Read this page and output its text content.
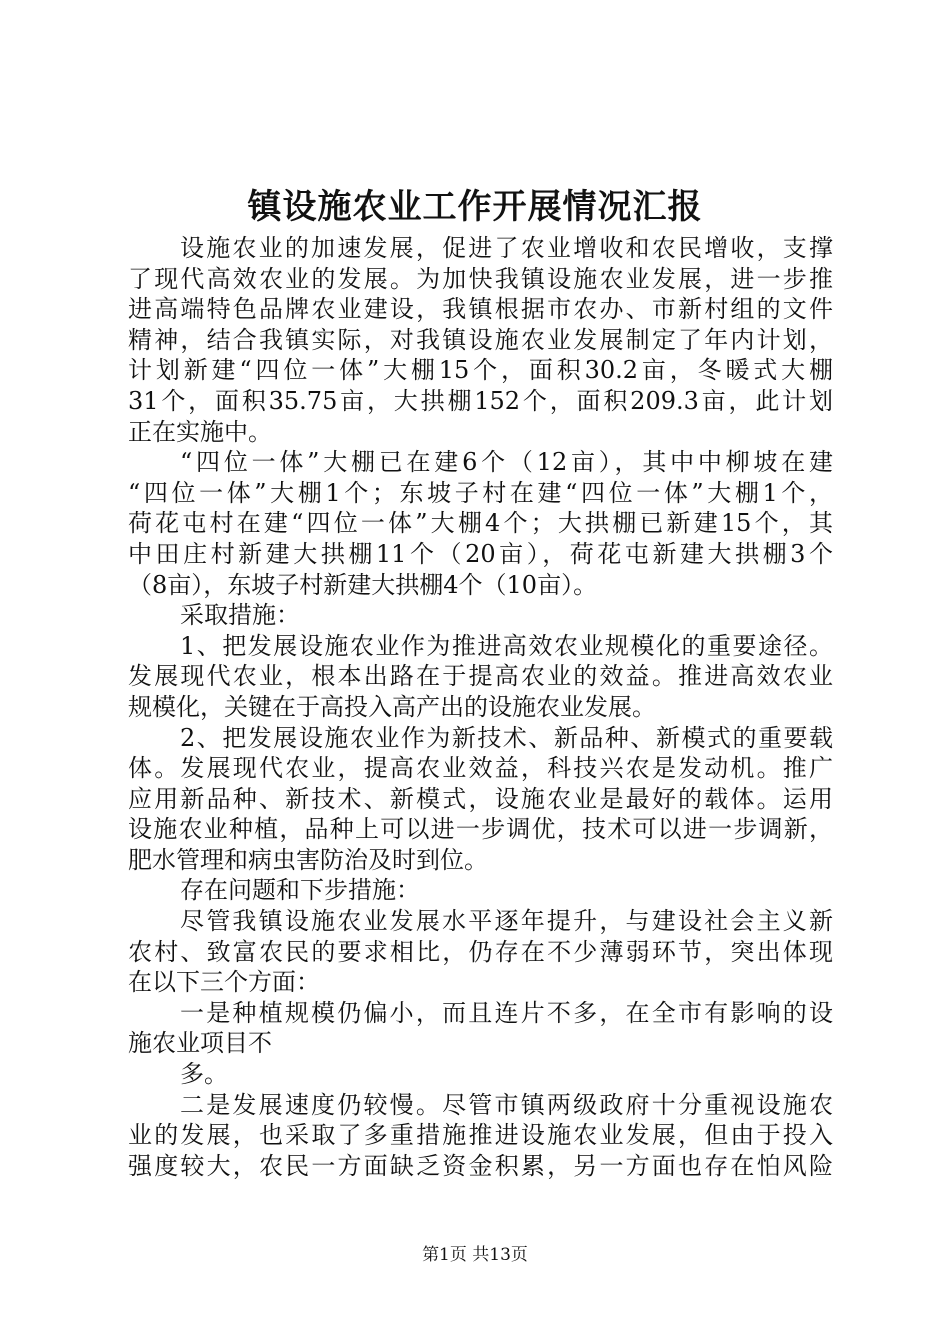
镇设施农业工作开展情况汇报
设施农业的加速发展，促进了农业增收和农民增收，支撑
了现代高效农业的发展。为加快我镇设施农业发展，进一步推
进高端特色品牌农业建设，我镇根据市农办、市新村组的文件
精神，结合我镇实际，对我镇设施农业发展制定了年内计划，
计划新建“四位一体”大棚15个，面积30.2亩，冬暖式大棚
31个，面积35.75亩，大拱棚152个，面积209.3亩，此计划
正在实施中。
“四位一体”大棚已在建6个（12亩），其中中柳坡在建
“四位一体”大棚1个；东坡子村在建“四位一体”大棚1个，
荷花屯村在建“四位一体”大棚4个；大拱棚已新建15个，其
中田庄村新建大拱棚11个（20亩），荷花屯新建大拱棚3个
（8亩），东坡子村新建大拱棚4个（10亩）。
采取措施：
1、把发展设施农业作为推进高效农业规模化的重要途径。
发展现代农业，根本出路在于提高农业的效益。推进高效农业
规模化，关键在于高投入高产出的设施农业发展。
2、把发展设施农业作为新技术、新品种、新模式的重要载
体。发展现代农业，提高农业效益，科技兴农是发动机。推广
应用新品种、新技术、新模式，设施农业是最好的载体。运用
设施农业种植，品种上可以进一步调优，技术可以进一步调新，
肥水管理和病虫害防治及时到位。
存在问题和下步措施：
尽管我镇设施农业发展水平逐年提升，与建设社会主义新
农村、致富农民的要求相比，仍存在不少薄弱环节，突出体现
在以下三个方面：
一是种植规模仍偏小，而且连片不多，在全市有影响的设
施农业项目不
多。
二是发展速度仍较慢。尽管市镇两级政府十分重视设施农
业的发展，也采取了多重措施推进设施农业发展，但由于投入
强度较大，农民一方面缺乏资金积累，另一方面也存在怕风险
第1页 共13页
